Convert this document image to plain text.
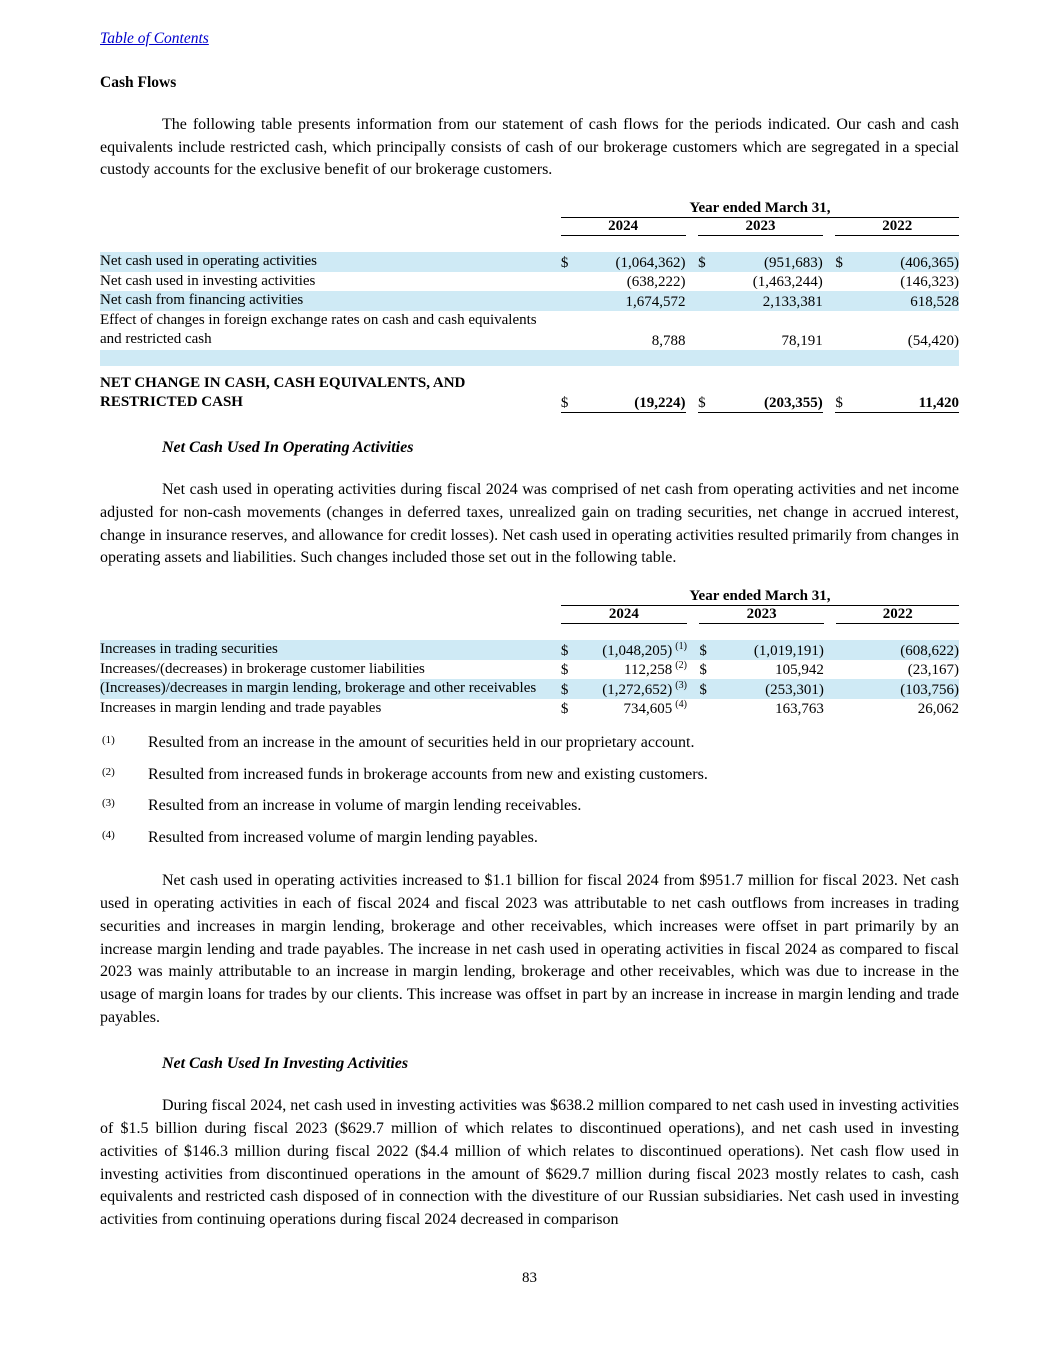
Table of Contents
Cash Flows

The following table presents information from our statement of cash flows for the periods indicated. Our cash and cash equivalents include restricted cash, which principally consists of cash of our brokerage customers which are segregated in a special custody accounts for the exclusive benefit of our brokerage customers.

	Year ended March 31,							
	2024			2023			2022	

Net cash used in operating activities	$	(1,064,362)		$	(951,683)		$	(406,365)
Net cash used in investing activities		(638,222)			(1,463,244)			(146,323)
Net cash from financing activities		1,674,572			2,133,381			618,528
Effect of changes in foreign exchange rates on cash and cash equivalents and restricted cash		8,788			78,191			(54,420)

NET CHANGE IN CASH, CASH EQUIVALENTS, AND RESTRICTED CASH	$	(19,224)		$	(203,355)		$	11,420

Net Cash Used In Operating Activities

Net cash used in operating activities during fiscal 2024 was comprised of net cash from operating activities and net income adjusted for non-cash movements (changes in deferred taxes, unrealized gain on trading securities, net change in accrued interest, change in insurance reserves, and allowance for credit losses). Net cash used in operating activities resulted primarily from changes in operating assets and liabilities. Such changes included those set out in the following table.

	Year ended March 31,							
	2024			2023			2022	

Increases in trading securities	$	(1,048,205) $^{(1)}$		$	(1,019,191)			(608,622)
Increases/(decreases) in brokerage customer liabilities	$	112,258 $^{(2)}$		$	105,942			(23,167)
(Increases)/decreases in margin lending, brokerage and other receivables	$	(1,272,652) $^{(3)}$		$	(253,301)			(103,756)
Increases in margin lending and trade payables	$	734,605 $^{(4)}$			163,763			26,062
(1)	Resulted from an increase in the amount of securities held in our proprietary account.
(2)	Resulted from increased funds in brokerage accounts from new and existing customers.
(3)	Resulted from an increase in volume of margin lending receivables.
(4)	Resulted from increased volume of margin lending payables.

Net cash used in operating activities increased to $1.1 billion for fiscal 2024 from $951.7 million for fiscal 2023. Net cash used in operating activities in each of fiscal 2024 and fiscal 2023 was attributable to net cash outflows from increases in trading securities and increases in margin lending, brokerage and other receivables, which increases were offset in part primarily by an increase margin lending and trade payables. The increase in net cash used in operating activities in fiscal 2024 as compared to fiscal 2023 was mainly attributable to an increase in margin lending, brokerage and other receivables, which was due to increase in the usage of margin loans for trades by our clients. This increase was offset in part by an increase in increase in margin lending and trade payables.

Net Cash Used In Investing Activities

During fiscal 2024, net cash used in investing activities was $638.2 million compared to net cash used in investing activities of $1.5 billion during fiscal 2023 ($629.7 million of which relates to discontinued operations), and net cash used in investing activities of $146.3 million during fiscal 2022 ($4.4 million of which relates to discontinued operations). Net cash flow used in investing activities from discontinued operations in the amount of $629.7 million during fiscal 2023 mostly relates to cash, cash equivalents and restricted cash disposed of in connection with the divestiture of our Russian subsidiaries. Net cash used in investing activities from continuing operations during fiscal 2024 decreased in comparison

83
